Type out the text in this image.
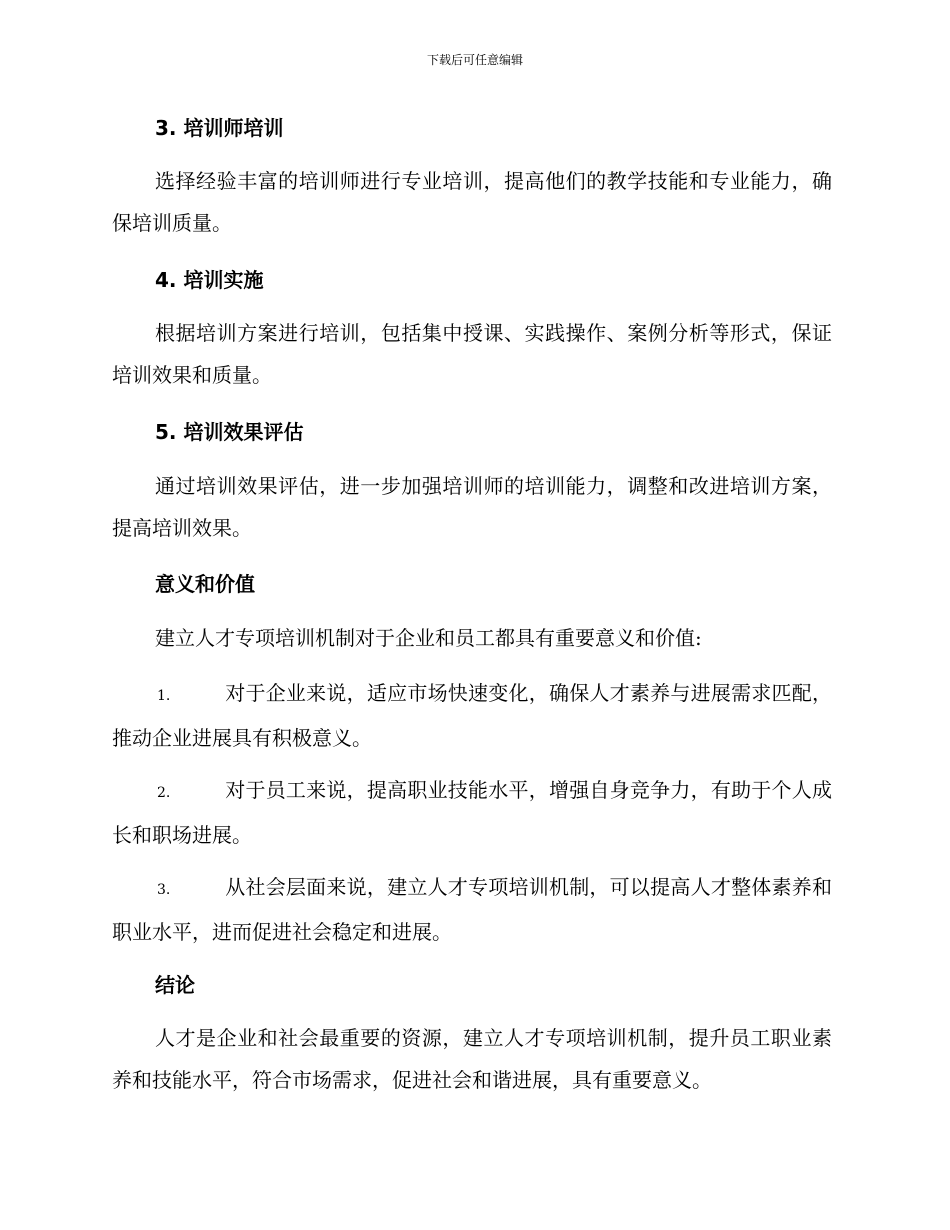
下载后可任意编辑
3. 培训师培训
选择经验丰富的培训师进行专业培训，提高他们的教学技能和专业能力，确保培训质量。
4. 培训实施
根据培训方案进行培训，包括集中授课、实践操作、案例分析等形式，保证培训效果和质量。
5. 培训效果评估
通过培训效果评估，进一步加强培训师的培训能力，调整和改进培训方案，提高培训效果。
意义和价值
建立人才专项培训机制对于企业和员工都具有重要意义和价值:
1.	对于企业来说，适应市场快速变化，确保人才素养与进展需求匹配，推动企业进展具有积极意义。
2.	对于员工来说，提高职业技能水平，增强自身竞争力，有助于个人成长和职场进展。
3.	从社会层面来说，建立人才专项培训机制，可以提高人才整体素养和职业水平，进而促进社会稳定和进展。
结论
人才是企业和社会最重要的资源，建立人才专项培训机制，提升员工职业素养和技能水平，符合市场需求，促进社会和谐进展，具有重要意义。
